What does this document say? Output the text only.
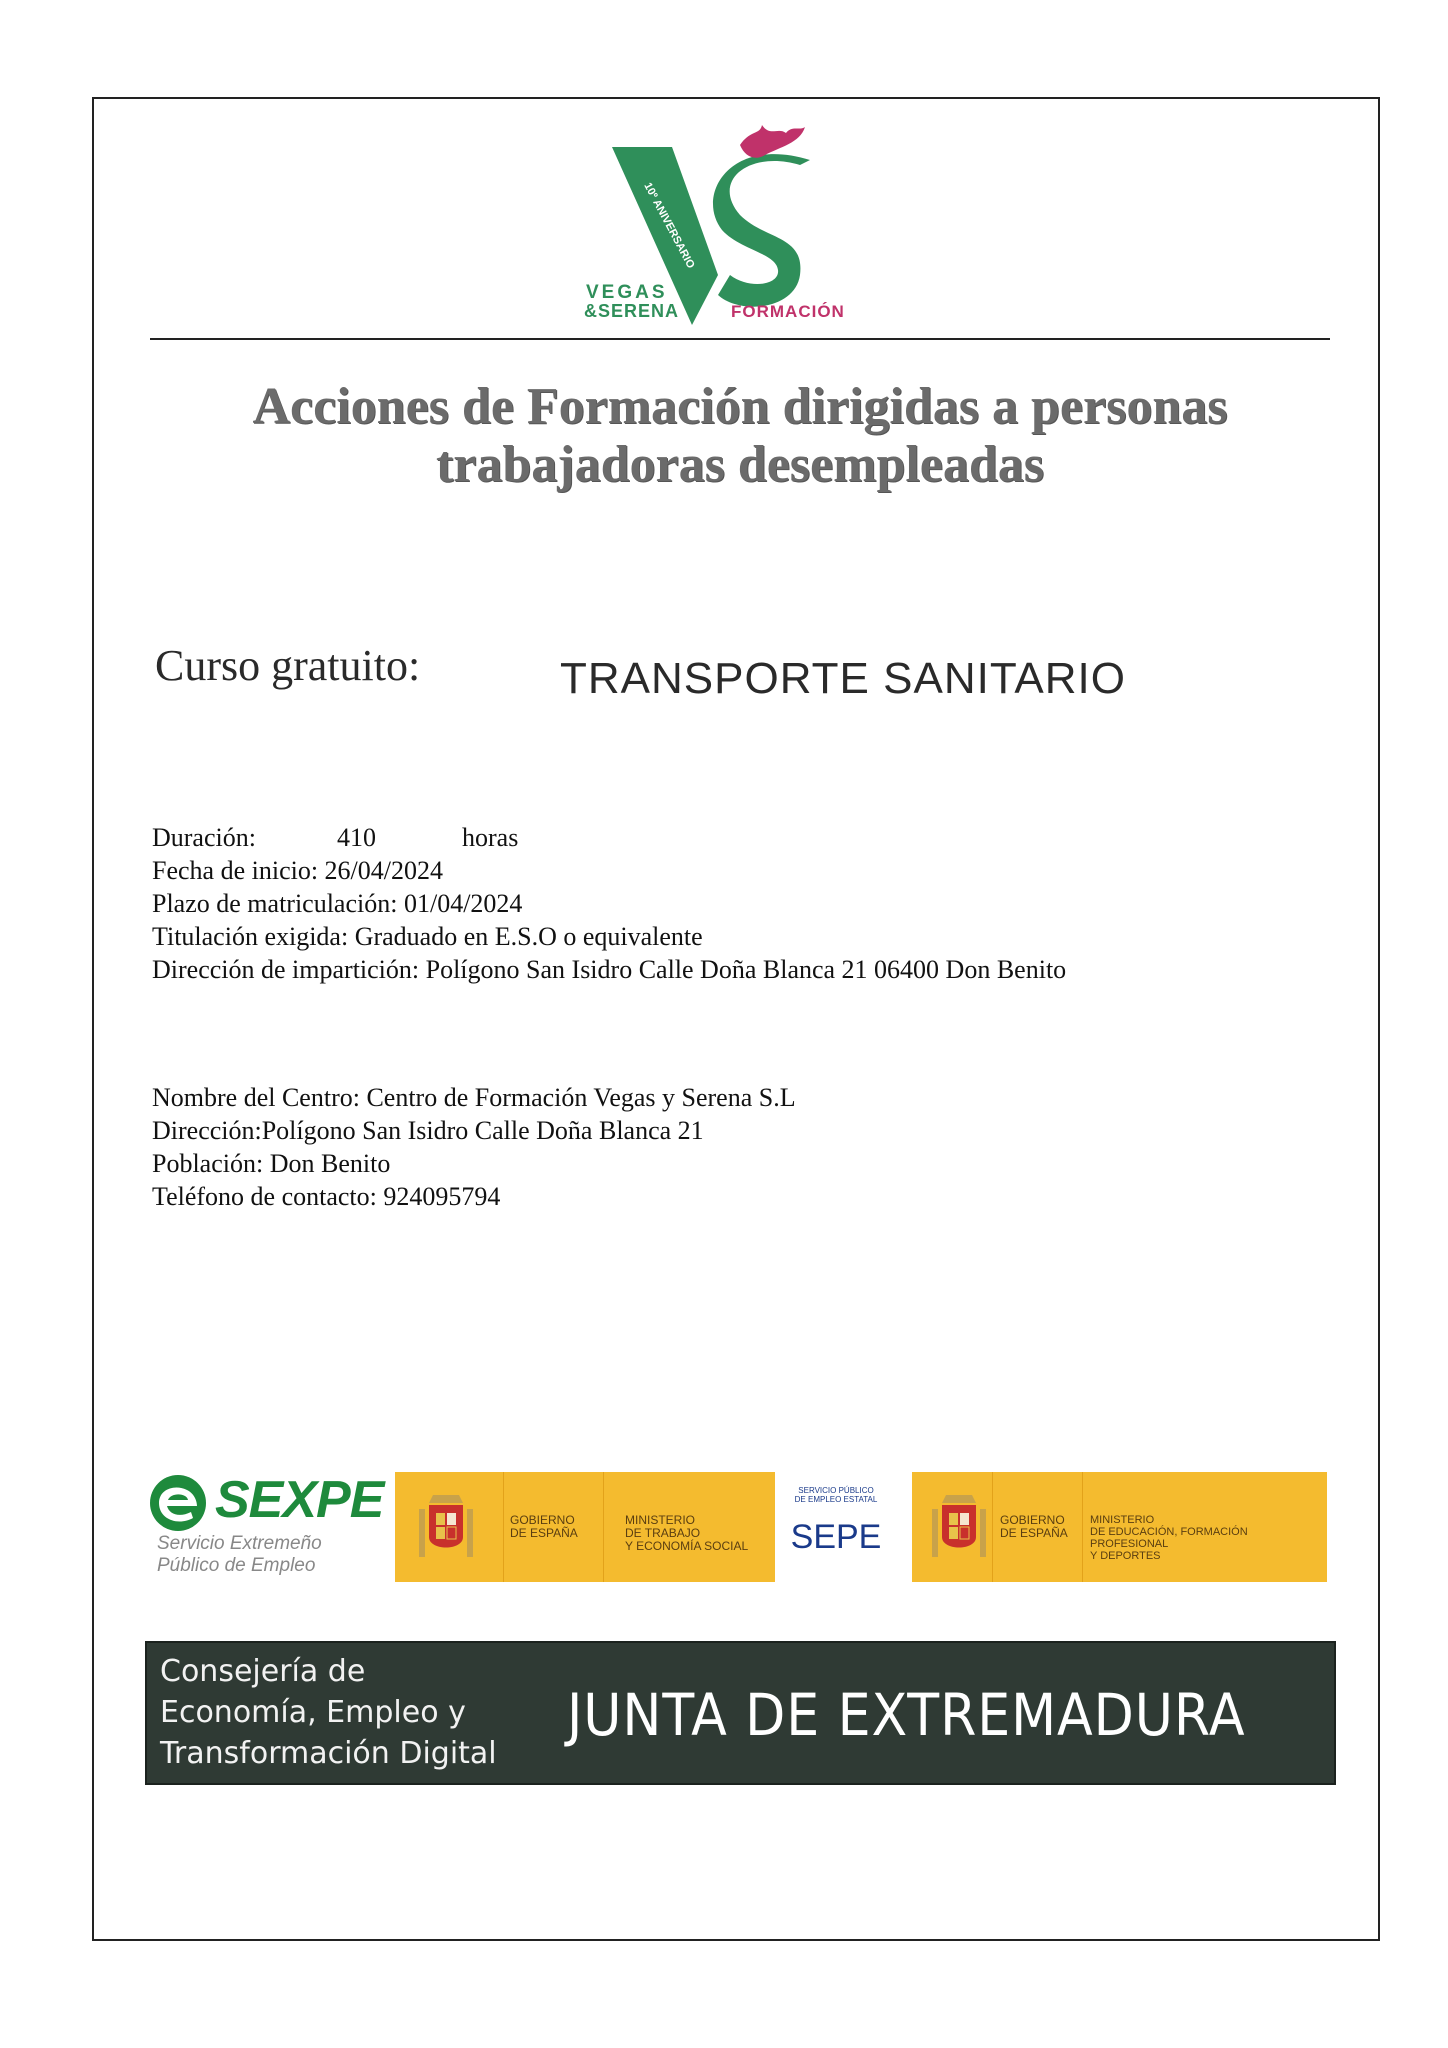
10º ANIVERSARIO
VEGAS
&SERENA	FORMACIÓN
Acciones de Formación dirigidas a personas
trabajadoras desempleadas
Curso gratuito:	TRANSPORTE SANITARIO
Duración:	410	horas
Fecha de inicio: 26/04/2024
Plazo de matriculación: 01/04/2024
Titulación exigida: Graduado en E.S.O o equivalente
Dirección de impartición: Polígono San Isidro Calle Doña Blanca 21 06400 Don Benito
Nombre del Centro: Centro de Formación Vegas y Serena S.L
Dirección:Polígono San Isidro Calle Doña Blanca 21
Población: Don Benito
Teléfono de contacto: 924095794
SEXPE
Servicio Extremeño
Público de Empleo
GOBIERNO
DE ESPAÑA
MINISTERIO
DE TRABAJO
Y ECONOMÍA SOCIAL
SERVICIO PÚBLICO
DE EMPLEO ESTATAL
SEPE	GOBIERNO
DE ESPAÑA
MINISTERIO
DE EDUCACIÓN, FORMACIÓN PROFESIONAL
Y DEPORTES
Consejería de
Economía, Empleo y
Transformación Digital
JUNTA DE EXTREMADURA
